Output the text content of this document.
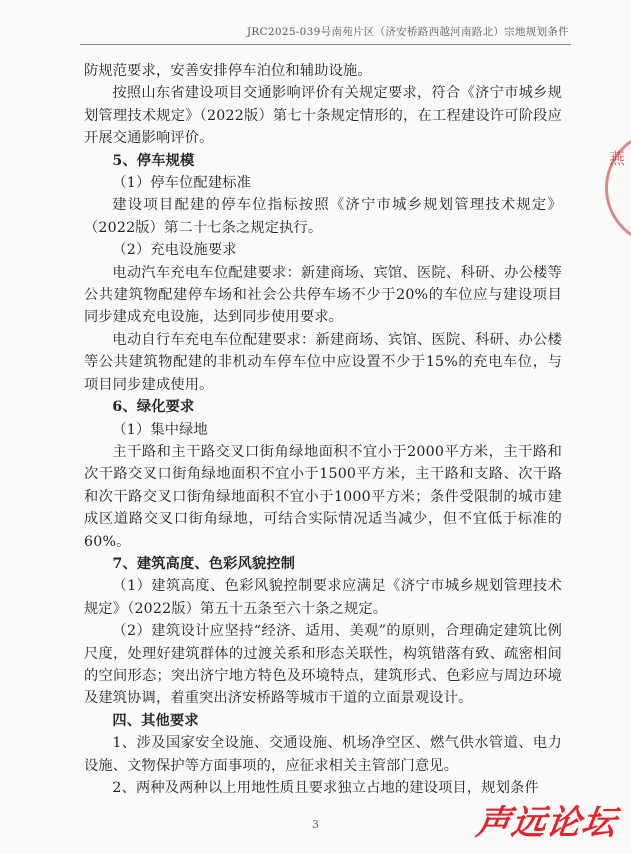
JRC2025-039号南苑片区（济安桥路西越河南路北）宗地规划条件
燕

防规范要求，安善安排停车泊位和辅助设施。

按照山东省建设项目交通影响评价有关规定要求，符合《济宁市城乡规划管理技术规定》（2022版）第七十条规定情形的，在工程建设许可阶段应开展交通影响评价。

5、停车规模

（1）停车位配建标准

建设项目配建的停车位指标按照《济宁市城乡规划管理技术规定》（2022版）第二十七条之规定执行。

（2）充电设施要求

电动汽车充电车位配建要求：新建商场、宾馆、医院、科研、办公楼等公共建筑物配建停车场和社会公共停车场不少于20%的车位应与建设项目同步建成充电设施，达到同步使用要求。

电动自行车充电车位配建要求：新建商场、宾馆、医院、科研、办公楼等公共建筑物配建的非机动车停车位中应设置不少于15%的充电车位，与项目同步建成使用。

6、绿化要求

（1）集中绿地

主干路和主干路交叉口街角绿地面积不宜小于2000平方米，主干路和次干路交叉口街角绿地面积不宜小于1500平方米，主干路和支路、次干路和次干路交叉口街角绿地面积不宜小于1000平方米；条件受限制的城市建成区道路交叉口街角绿地，可结合实际情况适当减少，但不宜低于标准的60%。

7、建筑高度、色彩风貌控制

（1）建筑高度、色彩风貌控制要求应满足《济宁市城乡规划管理技术规定》（2022版）第五十五条至六十条之规定。

（2）建筑设计应坚持“经济、适用、美观”的原则，合理确定建筑比例尺度，处理好建筑群体的过渡关系和形态关联性，构筑错落有致、疏密相间的空间形态；突出济宁地方特色及环境特点，建筑形式、色彩应与周边环境及建筑协调，着重突出济安桥路等城市干道的立面景观设计。

四、其他要求

1、涉及国家安全设施、交通设施、机场净空区、燃气供水管道、电力设施、文物保护等方面事项的，应征求相关主管部门意见。

2、两种及两种以上用地性质且要求独立占地的建设项目，规划条件

3	声远论坛
